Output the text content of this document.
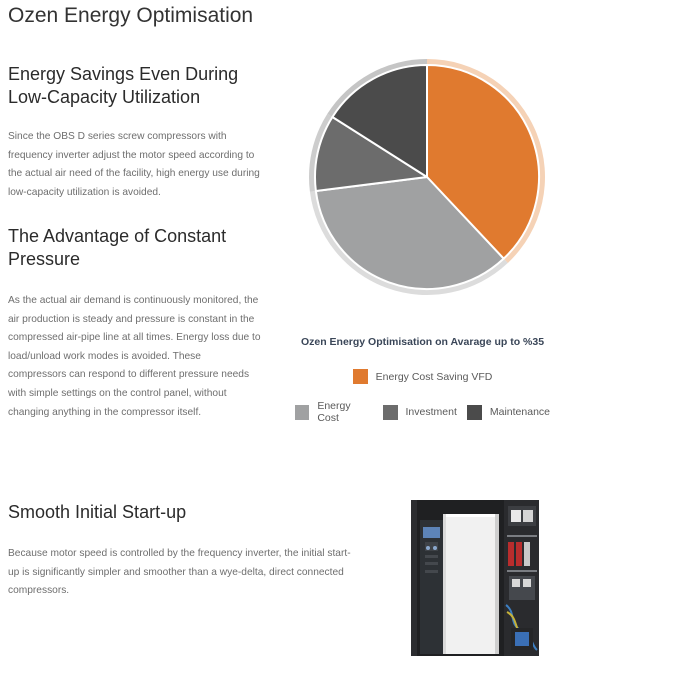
Ozen Energy Optimisation
Energy Savings Even During
Low-Capacity Utilization

Since the OBS D series screw compressors with
frequency inverter adjust the motor speed according to
the actual air need of the facility, high energy use during
low-capacity utilization is avoided.

The Advantage of Constant
Pressure

As the actual air demand is continuously monitored, the
air production is steady and pressure is constant in the
compressed air-pipe line at all times. Energy loss due to
load/unload work modes is avoided. These
compressors can respond to different pressure needs
with simple settings on the control panel, without
changing anything in the compressor itself.

Smooth Initial Start-up

Because motor speed is controlled by the frequency inverter, the initial start-
up is significantly simpler and smoother than a wye-delta, direct connected
compressors.

Ozen Energy Optimisation on Avarage up to %35
Energy Cost Saving VFD
Energy Cost	Investment	Maintenance
